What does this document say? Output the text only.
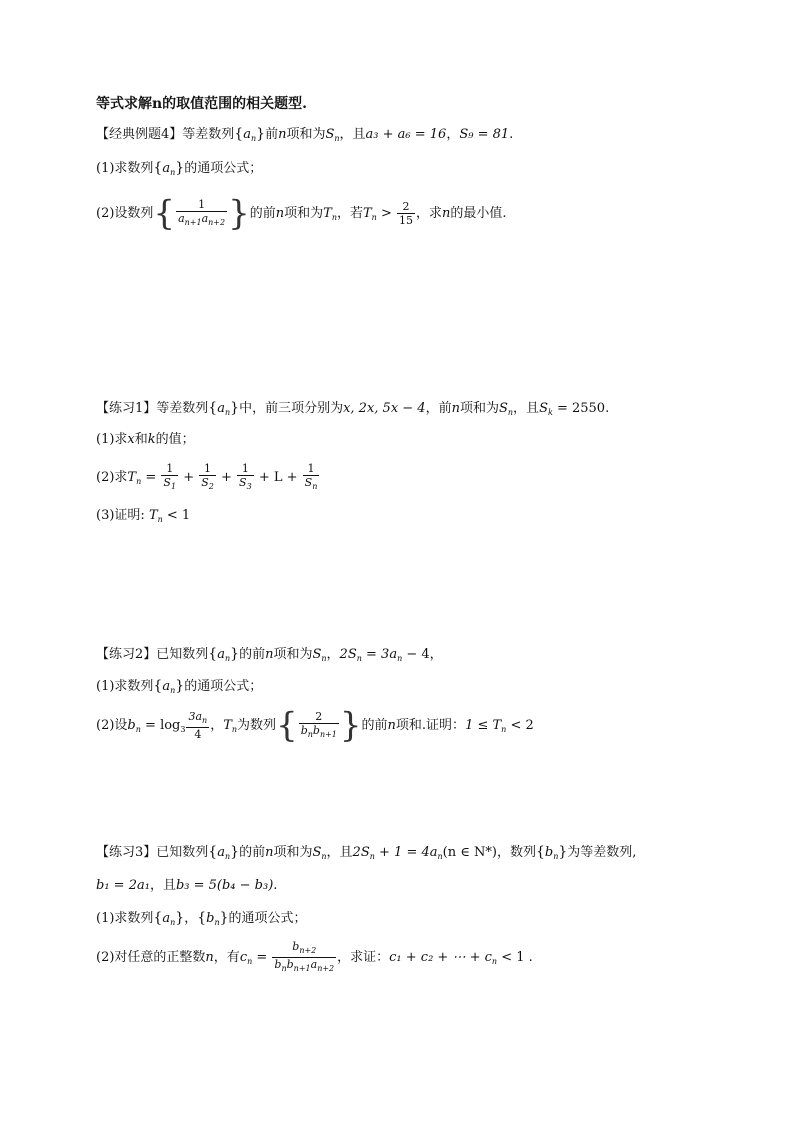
等式求解n的取值范围的相关题型.
【经典例题4】等差数列$\{a_n\}$前n项和为$S_n$，且a₃ + a₆ = 16，S₉ = 81.
(1)求数列$\{a_n\}$的通项公式；
(2)设数列{ $\frac{1}{a_{n+1}a_{n+2}}$ }的前n项和为$T_n$，若$T_n > \frac{2}{15}$ ，求n的最小值.
【练习1】等差数列$\{a_n\}$中，前三项分别为x, 2x, 5x − 4，前n项和为$S_n$，且$S_k = 2550$.
(1)求x和k的值；
(2)求$T_n = \frac{1}{S_1} + \frac{1}{S_2} + \frac{1}{S_3} + L + \frac{1}{S_n}$
(3)证明: $T_n < 1$
【练习2】已知数列$\{a_n\}$的前n项和为$S_n$，$2S_n = 3a_n - 4$，
(1)求数列$\{a_n\}$的通项公式；
(2)设$b_n = \log_3 \frac{3a_n}{4}$ ，$T_n$为数列{ $\frac{2}{b_nb_{n+1}}$ }的前n项和.证明：$1 \le T_n < 2$
【练习3】已知数列$\{a_n\}$的前n项和为$S_n$，且$2S_n + 1 = 4a_n(n$ ∈ N*)，数列$\{b_n\}$为等差数列,
b₁ = 2a₁，且b₃ = 5(b₄ − b₃).
(1)求数列$\{a_n\}$，$\{b_n\}$的通项公式；
(2)对任意的正整数n，有$c_n = \frac{b_{n+2}}{b_nb_{n+1}a_{n+2}}$ ，求证：c₁ + c₂ + ⋯ + $c_n < 1$ .
